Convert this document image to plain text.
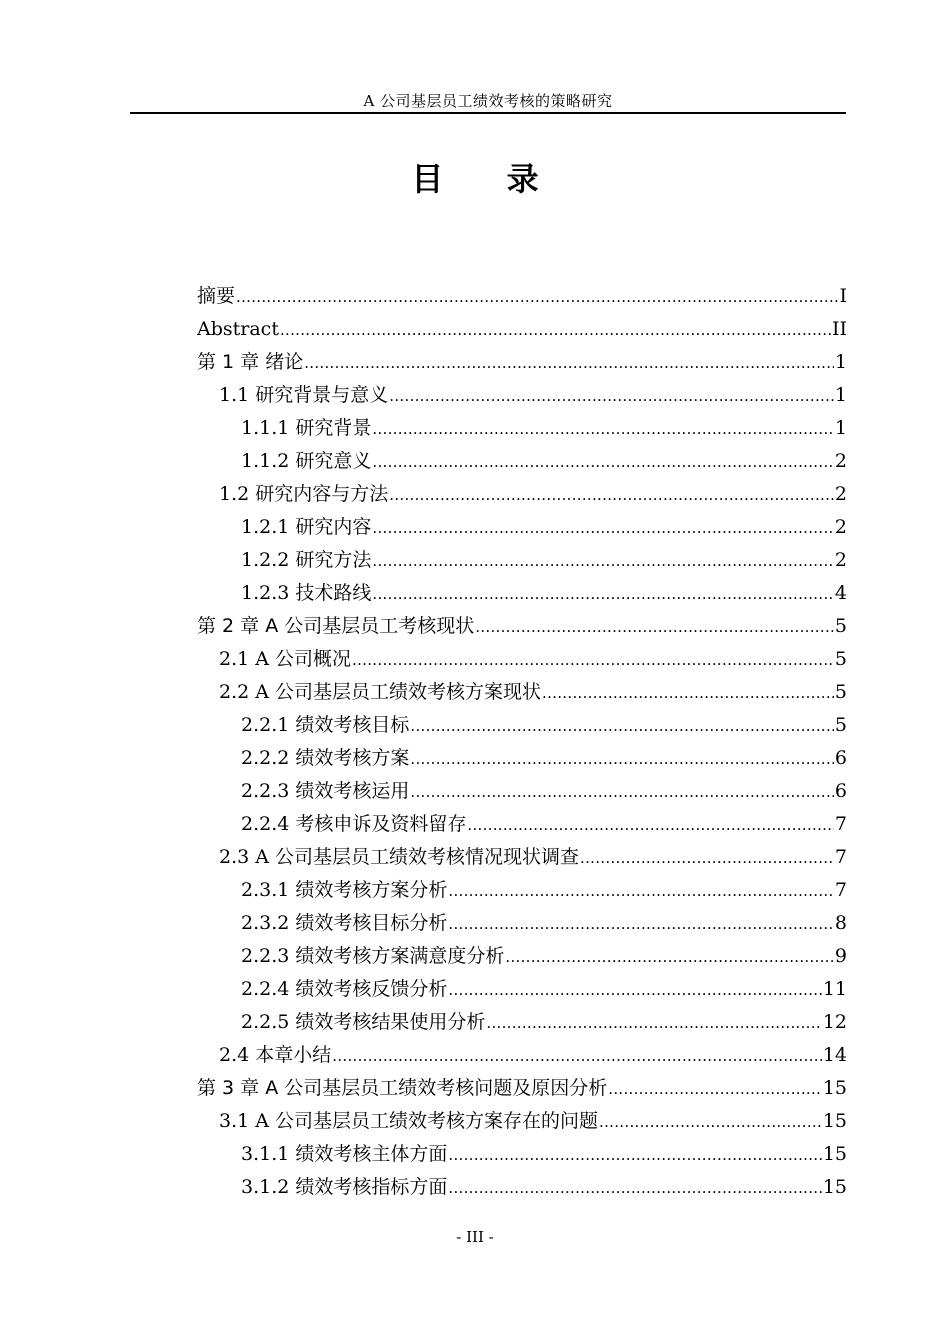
A 公司基层员工绩效考核的策略研究
目 录
摘要 .....	I
Abstract .....	II
第 1 章 绪论 .....	1
1.1 研究背景与意义 .....	1
1.1.1 研究背景 .....	1
1.1.2 研究意义 .....	2
1.2 研究内容与方法 .....	2
1.2.1 研究内容 .....	2
1.2.2 研究方法 .....	2
1.2.3 技术路线 .....	4
第 2 章 A 公司基层员工考核现状 .....	5
2.1 A 公司概况 .....	5
2.2 A 公司基层员工绩效考核方案现状 .....	5
2.2.1 绩效考核目标 .....	5
2.2.2 绩效考核方案 .....	6
2.2.3 绩效考核运用 .....	6
2.2.4 考核申诉及资料留存 .....	7
2.3 A 公司基层员工绩效考核情况现状调查 .....	7
2.3.1 绩效考核方案分析 .....	7
2.3.2 绩效考核目标分析 .....	8
2.2.3 绩效考核方案满意度分析 .....	9
2.2.4 绩效考核反馈分析 .....	11
2.2.5 绩效考核结果使用分析 .....	12
2.4 本章小结 .....	14
第 3 章 A 公司基层员工绩效考核问题及原因分析 .....	15
3.1 A 公司基层员工绩效考核方案存在的问题 .....	15
3.1.1 绩效考核主体方面 .....	15
3.1.2 绩效考核指标方面 .....	15
- III -
